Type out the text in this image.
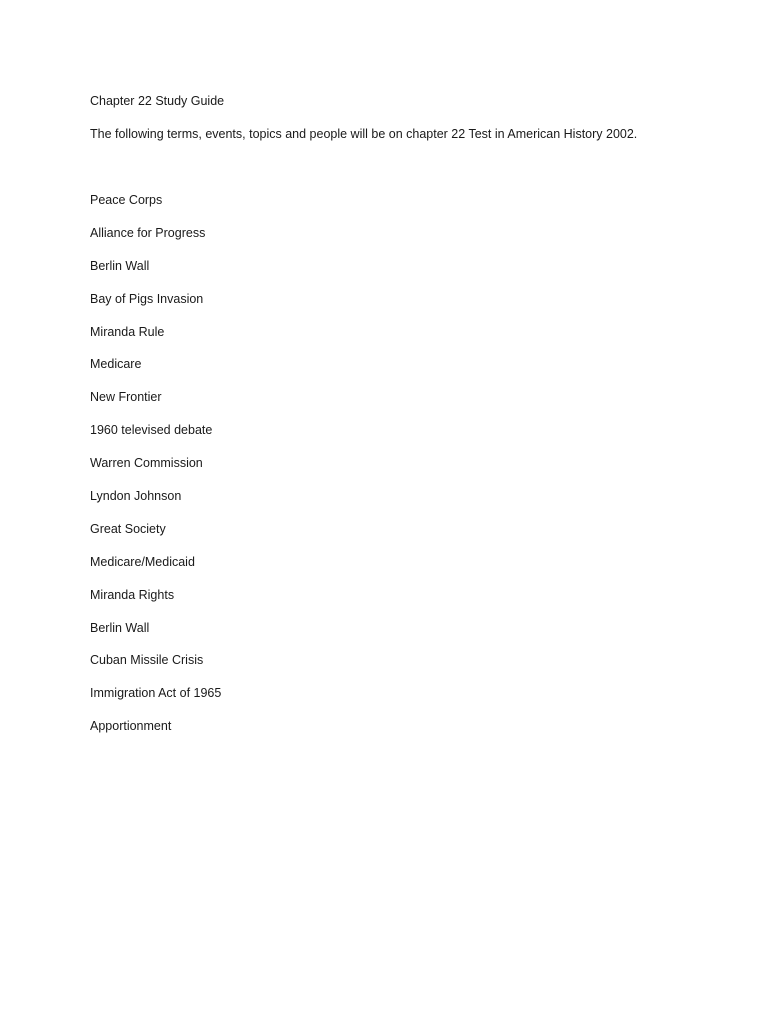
Chapter 22 Study Guide

The following terms, events, topics and people will be on chapter 22 Test in American History 2002.

Peace Corps
Alliance for Progress
Berlin Wall
Bay of Pigs Invasion
Miranda Rule
Medicare
New Frontier
1960 televised debate
Warren Commission
Lyndon Johnson
Great Society
Medicare/Medicaid
Miranda Rights
Berlin Wall
Cuban Missile Crisis
Immigration Act of 1965
Apportionment
